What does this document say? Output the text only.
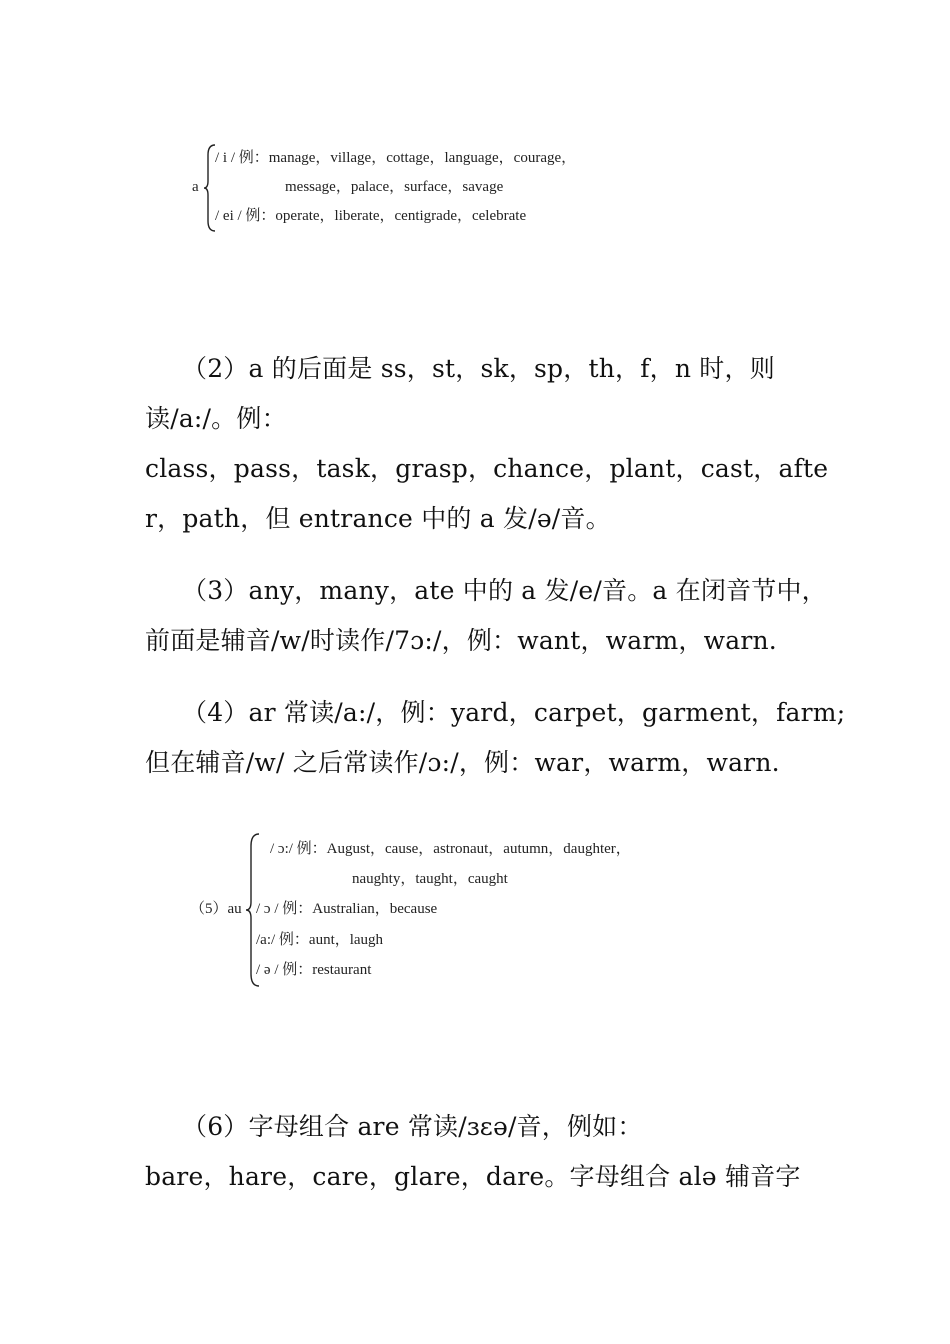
a
/ i / 例：manage，village，cottage，language，courage，
message，palace，surface，savage
/ ei / 例：operate，liberate，centigrade，celebrate
（2）a 的后面是 ss，st，sk，sp，th，f，n 时，则
读/a:/。例：
class，pass，task，grasp，chance，plant，cast，afte
r，path，但 entrance 中的 a 发/ə/音。
（3）any，many，ate 中的 a 发/e/音。a 在闭音节中，
前面是辅音/w/时读作/7ɔ:/，例：want，warm，warn.
（4）ar 常读/a:/，例：yard，carpet，garment，farm;
但在辅音/w/ 之后常读作/ɔ:/，例：war，warm，warn.
（5）au
/ ɔ:/ 例：August，cause，astronaut，autumn，daughter，
naughty，taught，caught
/ ɔ / 例：Australian，because
/a:/ 例：aunt，laugh
/ ə / 例：restaurant
（6）字母组合 are 常读/ɜɛə/音，例如：
bare，hare，care，glare，dare。字母组合 alə 辅音字
